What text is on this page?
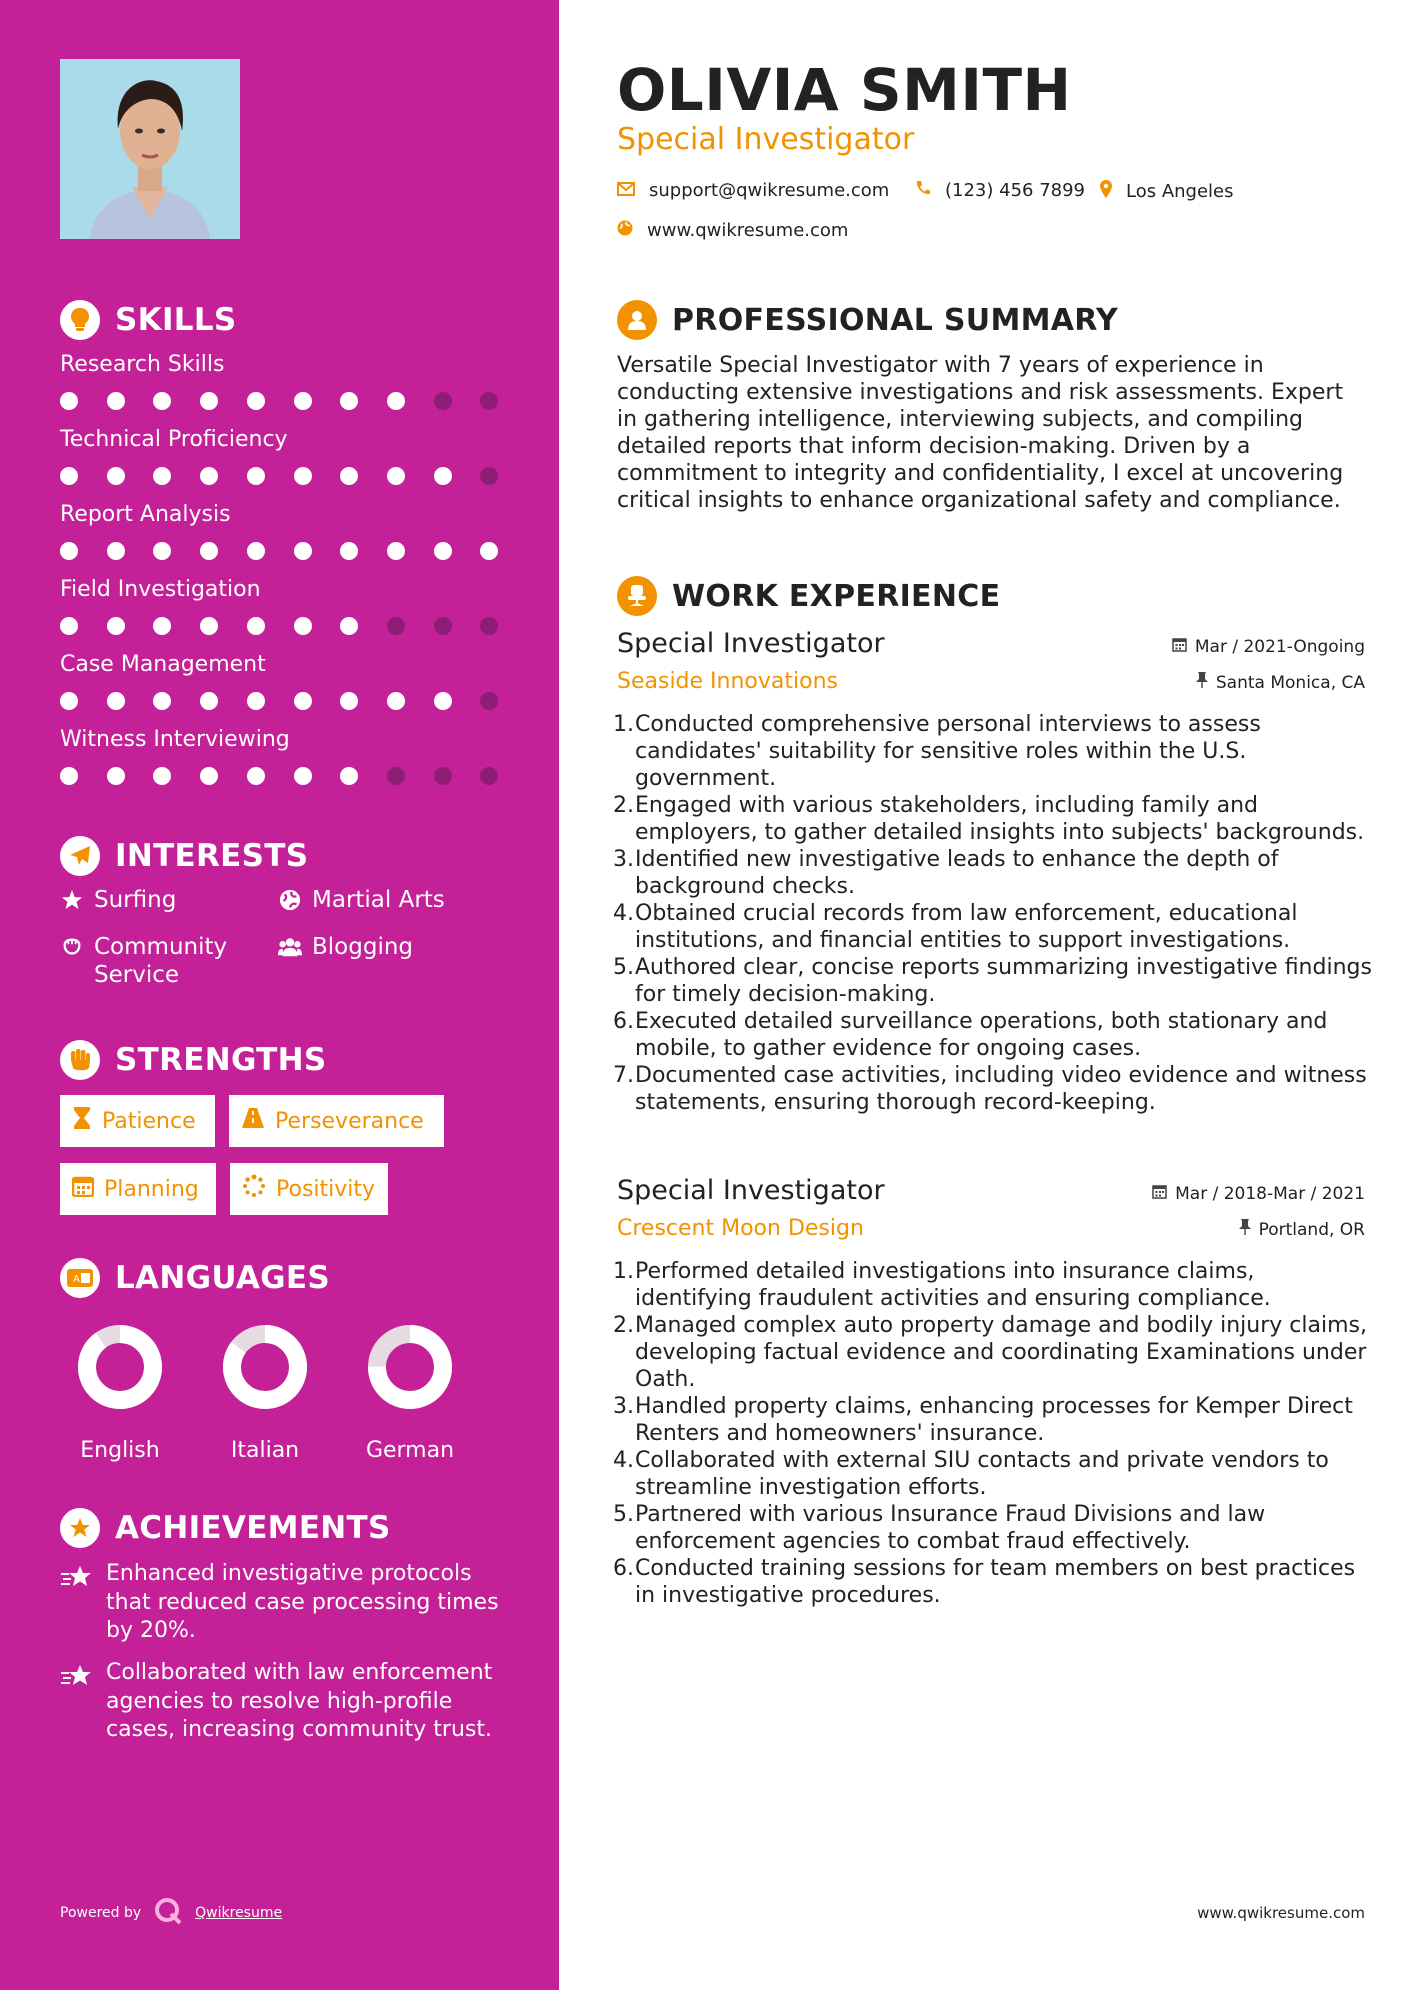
SKILLS
Research Skills
Technical Proficiency
Report Analysis
Field Investigation
Case Management
Witness Interviewing
INTERESTS
Surfing	Martial Arts
Community Service
Blogging
STRENGTHS
Patience	Perseverance
Planning	Positivity
A LANGUAGES
English	Italian	German
ACHIEVEMENTS
Enhanced investigative protocols that reduced case processing times by 20%.
Collaborated with law enforcement agencies to resolve high-profile cases, increasing community trust.
Powered by	Qwikresume
OLIVIA SMITH
Special Investigator
support@qwikresume.com	(123) 456 7899 Los Angeles
www.qwikresume.com
PROFESSIONAL SUMMARY
Versatile Special Investigator with 7 years of experience in conducting extensive investigations and risk assessments. Expert in gathering intelligence, interviewing subjects, and compiling detailed reports that inform decision-making. Driven by a commitment to integrity and confidentiality, I excel at uncovering critical insights to enhance organizational safety and compliance.
WORK EXPERIENCE
Special Investigator	Mar / 2021-Ongoing
Seaside Innovations	Santa Monica, CA
1. Conducted comprehensive personal interviews to assess candidates' suitability for sensitive roles within the U.S. government.
2. Engaged with various stakeholders, including family and employers, to gather detailed insights into subjects' backgrounds.
3. Identified new investigative leads to enhance the depth of background checks.
4. Obtained crucial records from law enforcement, educational institutions, and financial entities to support investigations.
5. Authored clear, concise reports summarizing investigative findings for timely decision-making.
6. Executed detailed surveillance operations, both stationary and mobile, to gather evidence for ongoing cases.
7. Documented case activities, including video evidence and witness statements, ensuring thorough record-keeping.
Special Investigator	Mar / 2018-Mar / 2021
Crescent Moon Design	Portland, OR
1. Performed detailed investigations into insurance claims, identifying fraudulent activities and ensuring compliance.
2. Managed complex auto property damage and bodily injury claims, developing factual evidence and coordinating Examinations under Oath.
3. Handled property claims, enhancing processes for Kemper Direct Renters and homeowners' insurance.
4. Collaborated with external SIU contacts and private vendors to streamline investigation efforts.
5. Partnered with various Insurance Fraud Divisions and law enforcement agencies to combat fraud effectively.
6. Conducted training sessions for team members on best practices in investigative procedures.
www.qwikresume.com
